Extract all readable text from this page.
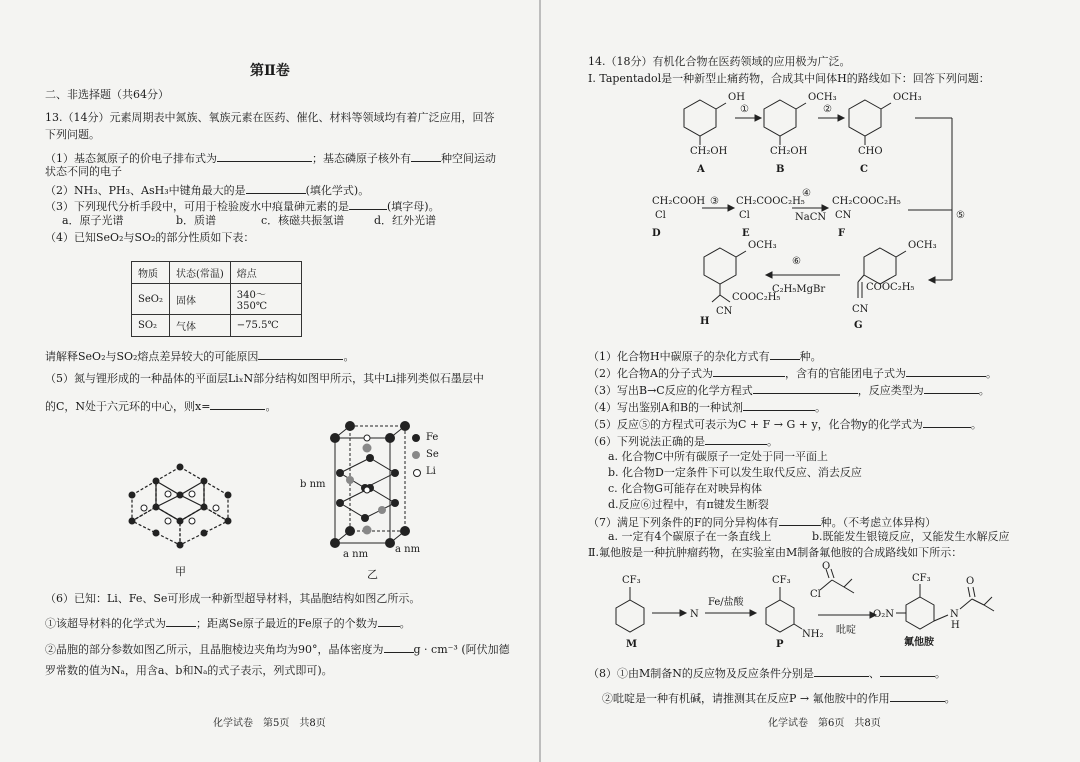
第Ⅱ卷
二、非选择题（共64分）
13.（14分）元素周期表中氮族、氧族元素在医药、催化、材料等领域均有着广泛应用，回答
下列问题。
（1）基态氮原子的价电子排布式为	；基态磷原子核外有	种空间运动
状态不同的电子
（2）NH₃、PH₃、AsH₃中键角最大的是	(填化学式)。
（3）下列现代分析手段中，可用于检验废水中痕量砷元素的是	(填字母)。
a．原子光谱	b．质谱	c．核磁共振氢谱	d．红外光谱
（4）已知SeO₂与SO₂的部分性质如下表：
物质	状态(常温)	熔点
SeO₂	固体	340～350℃
SO₂	气体	−75.5℃
请解释SeO₂与SO₂熔点差异较大的可能原因	。
（5）氮与锂形成的一种晶体的平面层LiₓN部分结构如图甲所示，其中Li排列类似石墨层中
的C，N处于六元环的中心，则x=	。
甲
b nm
a nm	a nm
乙
Fe
Se
Li
（6）已知：Li、Fe、Se可形成一种新型超导材料，其晶胞结构如图乙所示。
①该超导材料的化学式为	；距离Se原子最近的Fe原子的个数为 。
②晶胞的部分参数如图乙所示，且晶胞棱边夹角均为90°，晶体密度为	g · cm⁻³ (阿伏加德
罗常数的值为Nₐ，用含a、b和Nₐ的式子表示，列式即可)。
化学试卷　第5页　共8页
14.（18分）有机化合物在医药领域的应用极为广泛。
Ⅰ. Tapentadol是一种新型止痛药物，合成其中间体H的路线如下：回答下列问题：
OH
CH₂OH
A
OCH₃
CH₂OH
B
OCH₃
CHO
C
①	②
CH₂COOH
Cl
D
③ CH₂COOC₂H₅
Cl
E
④
NaCN
CH₂COOC₂H₅
CN
F
⑤
OCH₃
COOC₂H₅
CN
G
⑥
C₂H₅MgBr
OCH₃
COOC₂H₅
CN
H
（1）化合物H中碳原子的杂化方式有	种。
（2）化合物A的分子式为	，含有的官能团电子式为	。
（3）写出B→C反应的化学方程式	，反应类型为	。
（4）写出鉴别A和B的一种试剂	。
（5）反应⑤的方程式可表示为C + F → G + y，化合物y的化学式为	。
（6）下列说法正确的是	。
a. 化合物C中所有碳原子一定处于同一平面上
b. 化合物D一定条件下可以发生取代反应、消去反应
c. 化合物G可能存在对映异构体
d.反应⑥过程中，有π键发生断裂
（7）满足下列条件的F的同分异构体有	种。（不考虑立体异构）
a. 一定有4个碳原子在一条直线上	b.既能发生银镜反应，又能发生水解反应
Ⅱ.氟他胺是一种抗肿瘤药物，在实验室由M制备氟他胺的合成路线如下所示：
CF₃
M
N
Fe/盐酸
CF₃
NH₂
P
O
Cl
吡啶
CF₃
O₂N	N
H
O
氟他胺
（8）①由M制备N的反应物及反应条件分别是	、	。
②吡啶是一种有机碱，请推测其在反应P → 氟他胺中的作用	。
化学试卷　第6页　共8页
